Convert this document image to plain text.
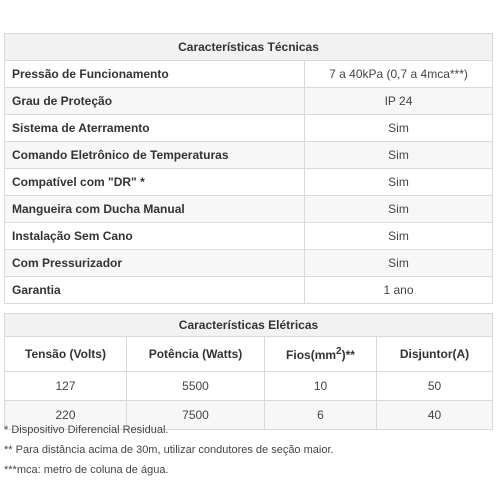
Características Técnicas	
Pressão de Funcionamento	7 a 40kPa (0,7 a 4mca***)
Grau de Proteção	IP 24
Sistema de Aterramento	Sim
Comando Eletrônico de Temperaturas	Sim
Compatível com "DR" *	Sim
Mangueira com Ducha Manual	Sim
Instalação Sem Cano	Sim
Com Pressurizador	Sim
Garantia	1 ano
Características Elétricas			
Tensão (Volts)	Potência (Watts)	$Fios(mm^2)**$	Disjuntor(A)
127	5500	10	50
220	7500	6	40
* Dispositivo Diferencial Residual.
** Para distância acima de 30m, utilizar condutores de seção maior.
***mca: metro de coluna de água.
